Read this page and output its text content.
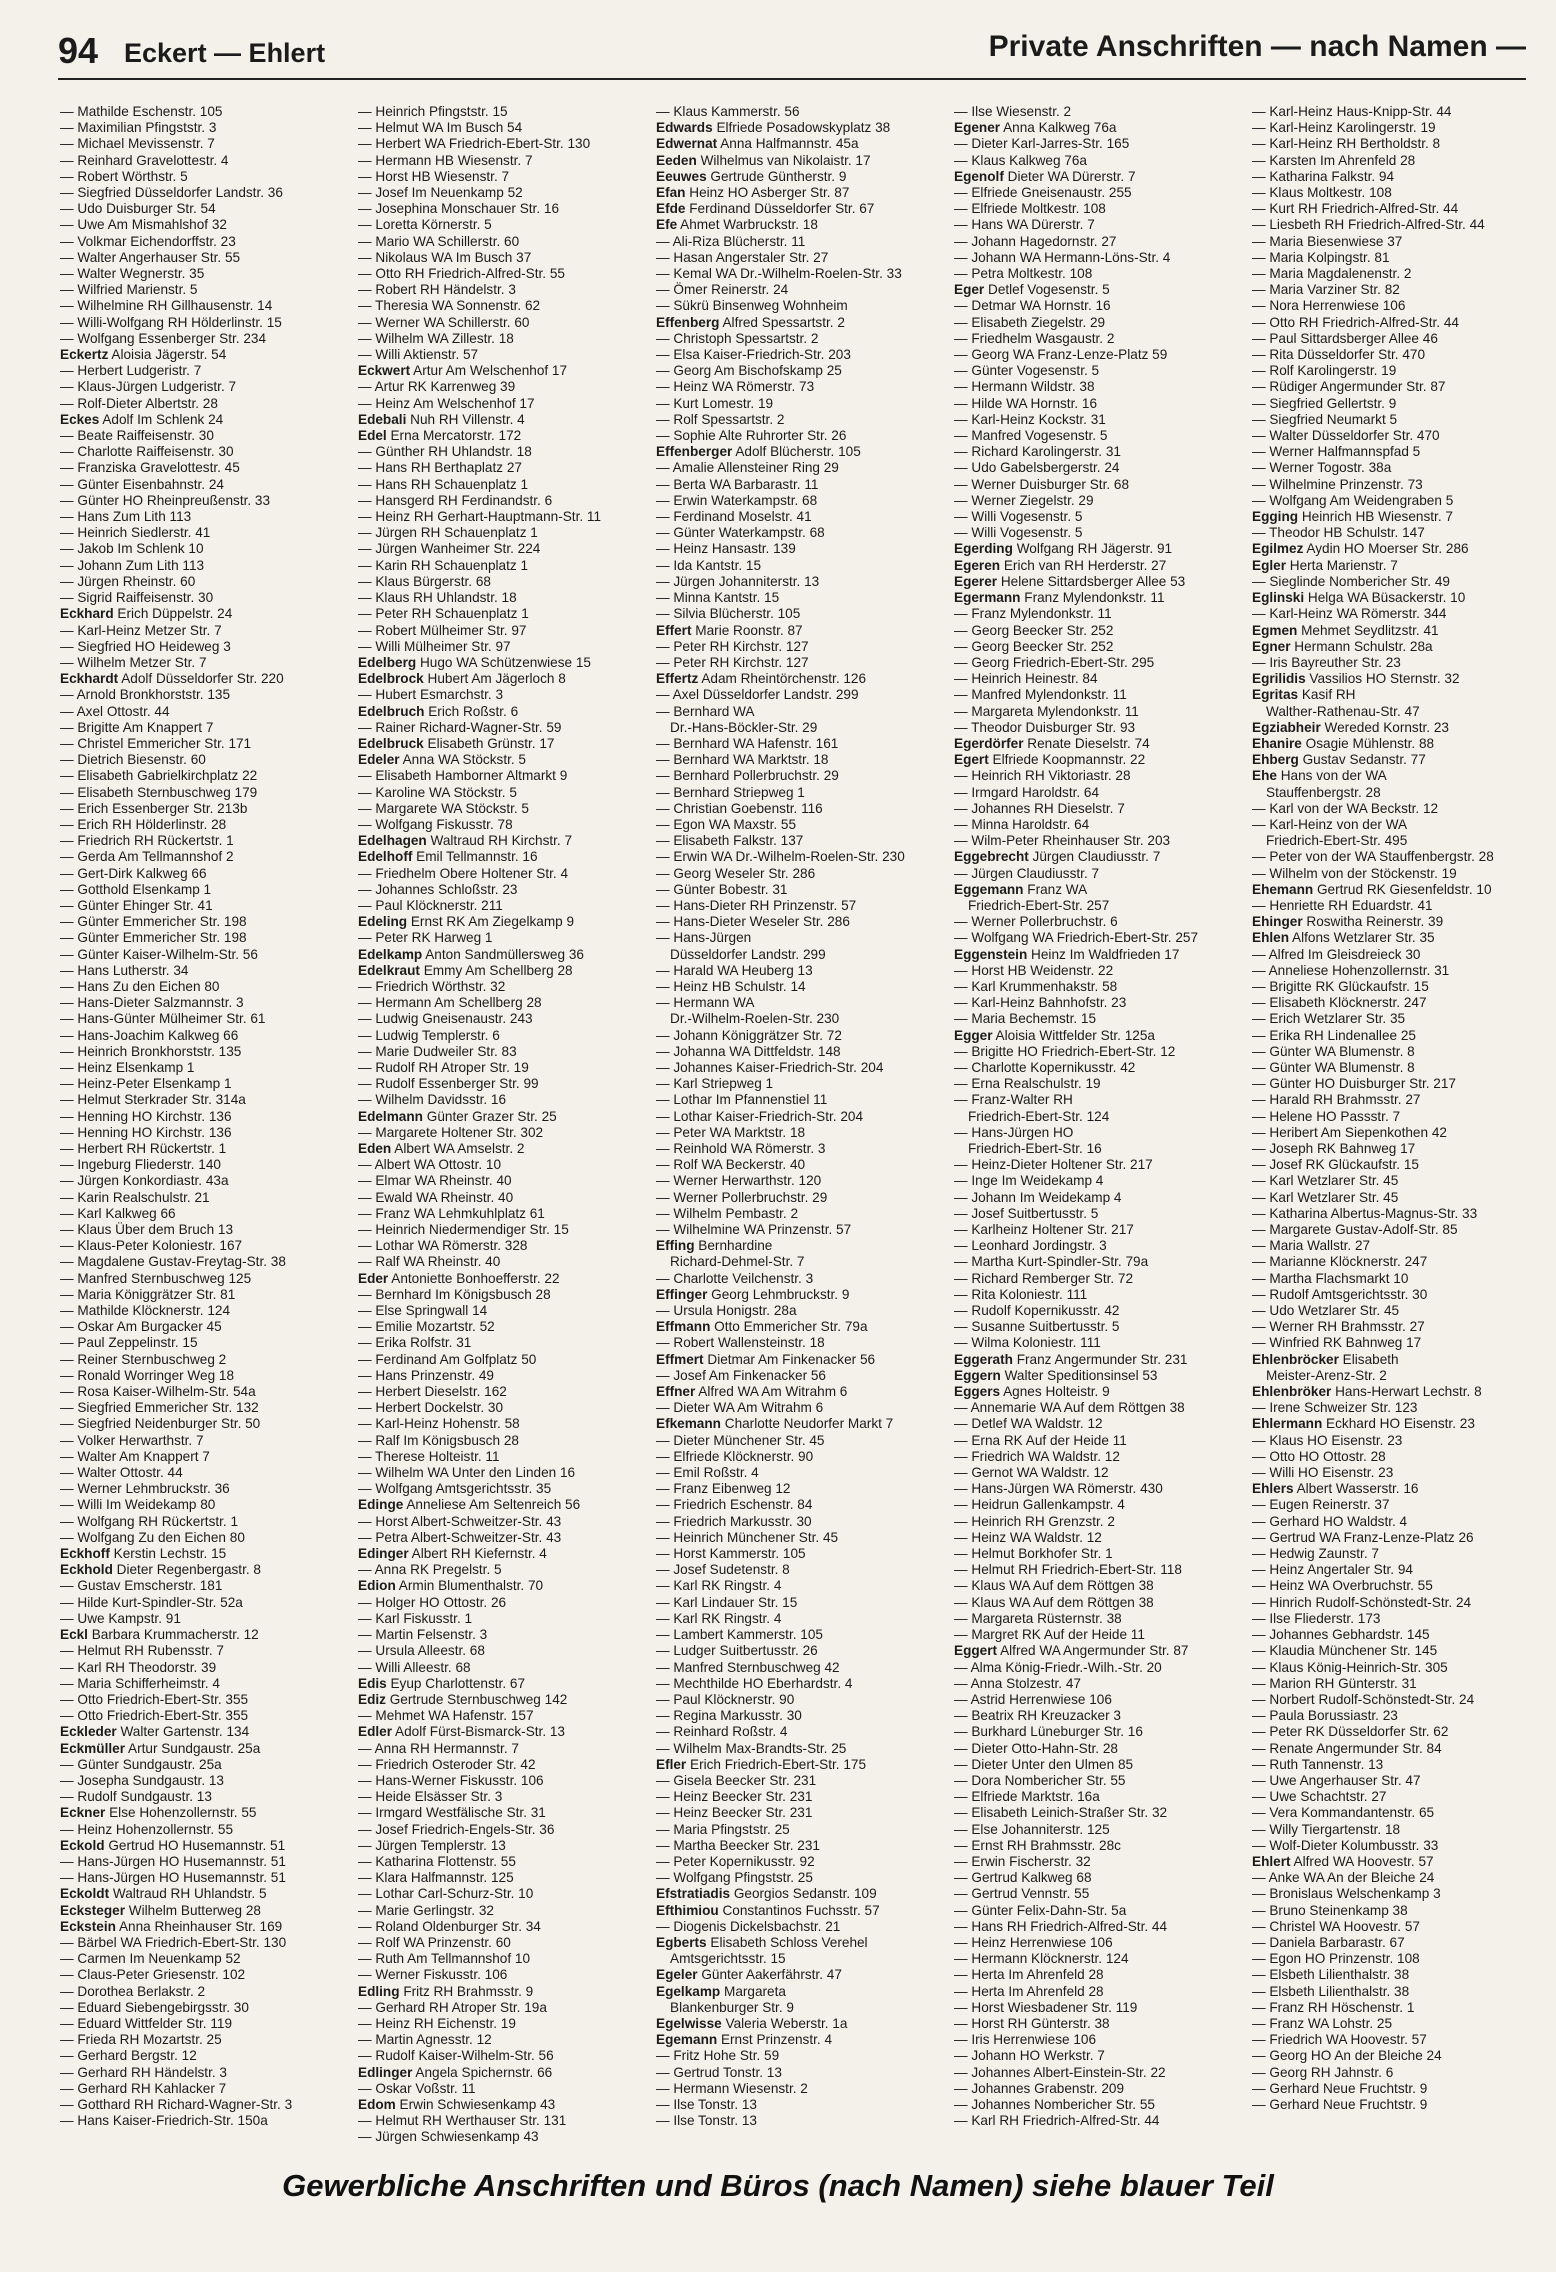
94 Eckert — Ehlert	Private Anschriften — nach Namen —
— Mathilde Eschenstr. 105
— Maximilian Pfingststr. 3
— Michael Mevissenstr. 7
— Reinhard Gravelottestr. 4
— Robert Wörthstr. 5
— Siegfried Düsseldorfer Landstr. 36
— Udo Duisburger Str. 54
— Uwe Am Mismahlshof 32
— Volkmar Eichendorffstr. 23
— Walter Angerhauser Str. 55
— Walter Wegnerstr. 35
— Wilfried Marienstr. 5
— Wilhelmine RH Gillhausenstr. 14
— Willi-Wolfgang RH Hölderlinstr. 15
— Wolfgang Essenberger Str. 234
Eckertz Aloisia Jägerstr. 54
— Herbert Ludgeristr. 7
— Klaus-Jürgen Ludgeristr. 7
— Rolf-Dieter Albertstr. 28
Eckes Adolf Im Schlenk 24
— Beate Raiffeisenstr. 30
— Charlotte Raiffeisenstr. 30
— Franziska Gravelottestr. 45
— Günter Eisenbahnstr. 24
— Günter HO Rheinpreußenstr. 33
— Hans Zum Lith 113
— Heinrich Siedlerstr. 41
— Jakob Im Schlenk 10
— Johann Zum Lith 113
— Jürgen Rheinstr. 60
— Sigrid Raiffeisenstr. 30
Eckhard Erich Düppelstr. 24
— Karl-Heinz Metzer Str. 7
— Siegfried HO Heideweg 3
— Wilhelm Metzer Str. 7
Eckhardt Adolf Düsseldorfer Str. 220
— Arnold Bronkhorststr. 135
— Axel Ottostr. 44
— Brigitte Am Knappert 7
— Christel Emmericher Str. 171
— Dietrich Biesenstr. 60
— Elisabeth Gabrielkirchplatz 22
— Elisabeth Sternbuschweg 179
— Erich Essenberger Str. 213b
— Erich RH Hölderlinstr. 28
— Friedrich RH Rückertstr. 1
— Gerda Am Tellmannshof 2
— Gert-Dirk Kalkweg 66
— Gotthold Elsenkamp 1
— Günter Ehinger Str. 41
— Günter Emmericher Str. 198
— Günter Emmericher Str. 198
— Günter Kaiser-Wilhelm-Str. 56
— Hans Lutherstr. 34
— Hans Zu den Eichen 80
— Hans-Dieter Salzmannstr. 3
— Hans-Günter Mülheimer Str. 61
— Hans-Joachim Kalkweg 66
— Heinrich Bronkhorststr. 135
— Heinz Elsenkamp 1
— Heinz-Peter Elsenkamp 1
— Helmut Sterkrader Str. 314a
— Henning HO Kirchstr. 136
— Henning HO Kirchstr. 136
— Herbert RH Rückertstr. 1
— Ingeburg Fliederstr. 140
— Jürgen Konkordiastr. 43a
— Karin Realschulstr. 21
— Karl Kalkweg 66
— Klaus Über dem Bruch 13
— Klaus-Peter Koloniestr. 167
— Magdalene Gustav-Freytag-Str. 38
— Manfred Sternbuschweg 125
— Maria Königgrätzer Str. 81
— Mathilde Klöcknerstr. 124
— Oskar Am Burgacker 45
— Paul Zeppelinstr. 15
— Reiner Sternbuschweg 2
— Ronald Worringer Weg 18
— Rosa Kaiser-Wilhelm-Str. 54a
— Siegfried Emmericher Str. 132
— Siegfried Neidenburger Str. 50
— Volker Herwarthstr. 7
— Walter Am Knappert 7
— Walter Ottostr. 44
— Werner Lehmbruckstr. 36
— Willi Im Weidekamp 80
— Wolfgang RH Rückertstr. 1
— Wolfgang Zu den Eichen 80
Eckhoff Kerstin Lechstr. 15
Eckhold Dieter Regenbergastr. 8
— Gustav Emscherstr. 181
— Hilde Kurt-Spindler-Str. 52a
— Uwe Kampstr. 91
Eckl Barbara Krummacherstr. 12
— Helmut RH Rubensstr. 7
— Karl RH Theodorstr. 39
— Maria Schifferheimstr. 4
— Otto Friedrich-Ebert-Str. 355
— Otto Friedrich-Ebert-Str. 355
Eckleder Walter Gartenstr. 134
Eckmüller Artur Sundgaustr. 25a
— Günter Sundgaustr. 25a
— Josepha Sundgaustr. 13
— Rudolf Sundgaustr. 13
Eckner Else Hohenzollernstr. 55
— Heinz Hohenzollernstr. 55
Eckold Gertrud HO Husemannstr. 51
— Hans-Jürgen HO Husemannstr. 51
— Hans-Jürgen HO Husemannstr. 51
Eckoldt Waltraud RH Uhlandstr. 5
Ecksteger Wilhelm Butterweg 28
Eckstein Anna Rheinhauser Str. 169
— Bärbel WA Friedrich-Ebert-Str. 130
— Carmen Im Neuenkamp 52
— Claus-Peter Griesenstr. 102
— Dorothea Berlakstr. 2
— Eduard Siebengebirgsstr. 30
— Eduard Wittfelder Str. 119
— Frieda RH Mozartstr. 25
— Gerhard Bergstr. 12
— Gerhard RH Händelstr. 3
— Gerhard RH Kahlacker 7
— Gotthard RH Richard-Wagner-Str. 3
— Hans Kaiser-Friedrich-Str. 150a
— Heinrich Pfingststr. 15
— Helmut WA Im Busch 54
— Herbert WA Friedrich-Ebert-Str. 130
— Hermann HB Wiesenstr. 7
— Horst HB Wiesenstr. 7
— Josef Im Neuenkamp 52
— Josephina Monschauer Str. 16
— Loretta Körnerstr. 5
— Mario WA Schillerstr. 60
— Nikolaus WA Im Busch 37
— Otto RH Friedrich-Alfred-Str. 55
— Robert RH Händelstr. 3
— Theresia WA Sonnenstr. 62
— Werner WA Schillerstr. 60
— Wilhelm WA Zillestr. 18
— Willi Aktienstr. 57
Eckwert Artur Am Welschenhof 17
— Artur RK Karrenweg 39
— Heinz Am Welschenhof 17
Edebali Nuh RH Villenstr. 4
Edel Erna Mercatorstr. 172
— Günther RH Uhlandstr. 18
— Hans RH Berthaplatz 27
— Hans RH Schauenplatz 1
— Hansgerd RH Ferdinandstr. 6
— Heinz RH Gerhart-Hauptmann-Str. 11
— Jürgen RH Schauenplatz 1
— Jürgen Wanheimer Str. 224
— Karin RH Schauenplatz 1
— Klaus Bürgerstr. 68
— Klaus RH Uhlandstr. 18
— Peter RH Schauenplatz 1
— Robert Mülheimer Str. 97
— Willi Mülheimer Str. 97
Edelberg Hugo WA Schützenwiese 15
Edelbrock Hubert Am Jägerloch 8
— Hubert Esmarchstr. 3
Edelbruch Erich Roßstr. 6
— Rainer Richard-Wagner-Str. 59
Edelbruck Elisabeth Grünstr. 17
Edeler Anna WA Stöckstr. 5
— Elisabeth Hamborner Altmarkt 9
— Karoline WA Stöckstr. 5
— Margarete WA Stöckstr. 5
— Wolfgang Fiskusstr. 78
Edelhagen Waltraud RH Kirchstr. 7
Edelhoff Emil Tellmannstr. 16
— Friedhelm Obere Holtener Str. 4
— Johannes Schloßstr. 23
— Paul Klöcknerstr. 211
Edeling Ernst RK Am Ziegelkamp 9
— Peter RK Harweg 1
Edelkamp Anton Sandmüllersweg 36
Edelkraut Emmy Am Schellberg 28
— Friedrich Wörthstr. 32
— Hermann Am Schellberg 28
— Ludwig Gneisenaustr. 243
— Ludwig Templerstr. 6
— Marie Dudweiler Str. 83
— Rudolf RH Atroper Str. 19
— Rudolf Essenberger Str. 99
— Wilhelm Davidsstr. 16
Edelmann Günter Grazer Str. 25
— Margarete Holtener Str. 302
Eden Albert WA Amselstr. 2
— Albert WA Ottostr. 10
— Elmar WA Rheinstr. 40
— Ewald WA Rheinstr. 40
— Franz WA Lehmkuhlplatz 61
— Heinrich Niedermendiger Str. 15
— Lothar WA Römerstr. 328
— Ralf WA Rheinstr. 40
Eder Antoniette Bonhoefferstr. 22
— Bernhard Im Königsbusch 28
— Else Springwall 14
— Emilie Mozartstr. 52
— Erika Rolfstr. 31
— Ferdinand Am Golfplatz 50
— Hans Prinzenstr. 49
— Herbert Dieselstr. 162
— Herbert Dockelstr. 30
— Karl-Heinz Hohenstr. 58
— Ralf Im Königsbusch 28
— Therese Holteistr. 11
— Wilhelm WA Unter den Linden 16
— Wolfgang Amtsgerichtsstr. 35
Edinge Anneliese Am Seltenreich 56
— Horst Albert-Schweitzer-Str. 43
— Petra Albert-Schweitzer-Str. 43
Edinger Albert RH Kiefernstr. 4
— Anna RK Pregelstr. 5
Edion Armin Blumenthalstr. 70
— Holger HO Ottostr. 26
— Karl Fiskusstr. 1
— Martin Felsenstr. 3
— Ursula Alleestr. 68
— Willi Alleestr. 68
Edis Eyup Charlottenstr. 67
Ediz Gertrude Sternbuschweg 142
— Mehmet WA Hafenstr. 157
Edler Adolf Fürst-Bismarck-Str. 13
— Anna RH Hermannstr. 7
— Friedrich Osteroder Str. 42
— Hans-Werner Fiskusstr. 106
— Heide Elsässer Str. 3
— Irmgard Westfälische Str. 31
— Josef Friedrich-Engels-Str. 36
— Jürgen Templerstr. 13
— Katharina Flottenstr. 55
— Klara Halfmannstr. 125
— Lothar Carl-Schurz-Str. 10
— Marie Gerlingstr. 32
— Roland Oldenburger Str. 34
— Rolf WA Prinzenstr. 60
— Ruth Am Tellmannshof 10
— Werner Fiskusstr. 106
Edling Fritz RH Brahmsstr. 9
— Gerhard RH Atroper Str. 19a
— Heinz RH Eichenstr. 19
— Martin Agnesstr. 12
— Rudolf Kaiser-Wilhelm-Str. 56
Edlinger Angela Spichernstr. 66
— Oskar Voßstr. 11
Edom Erwin Schwiesenkamp 43
— Helmut RH Werthauser Str. 131
— Jürgen Schwiesenkamp 43
— Klaus Kammerstr. 56
Edwards Elfriede Posadowskyplatz 38
Edwernat Anna Halfmannstr. 45a
Eeden Wilhelmus van Nikolaistr. 17
Eeuwes Gertrude Güntherstr. 9
Efan Heinz HO Asberger Str. 87
Efde Ferdinand Düsseldorfer Str. 67
Efe Ahmet Warbruckstr. 18
— Ali-Riza Blücherstr. 11
— Hasan Angerstaler Str. 27
— Kemal WA Dr.-Wilhelm-Roelen-Str. 33
— Ömer Reinerstr. 24
— Sükrü Binsenweg Wohnheim
Effenberg Alfred Spessartstr. 2
— Christoph Spessartstr. 2
— Elsa Kaiser-Friedrich-Str. 203
— Georg Am Bischofskamp 25
— Heinz WA Römerstr. 73
— Kurt Lomestr. 19
— Rolf Spessartstr. 2
— Sophie Alte Ruhrorter Str. 26
Effenberger Adolf Blücherstr. 105
— Amalie Allensteiner Ring 29
— Berta WA Barbarastr. 11
— Erwin Waterkampstr. 68
— Ferdinand Moselstr. 41
— Günter Waterkampstr. 68
— Heinz Hansastr. 139
— Ida Kantstr. 15
— Jürgen Johanniterstr. 13
— Minna Kantstr. 15
— Silvia Blücherstr. 105
Effert Marie Roonstr. 87
— Peter RH Kirchstr. 127
— Peter RH Kirchstr. 127
Effertz Adam Rheintörchenstr. 126
— Axel Düsseldorfer Landstr. 299
— Bernhard WA
Dr.-Hans-Böckler-Str. 29
— Bernhard WA Hafenstr. 161
— Bernhard WA Marktstr. 18
— Bernhard Pollerbruchstr. 29
— Bernhard Striepweg 1
— Christian Goebenstr. 116
— Egon WA Maxstr. 55
— Elisabeth Falkstr. 137
— Erwin WA Dr.-Wilhelm-Roelen-Str. 230
— Georg Weseler Str. 286
— Günter Bobestr. 31
— Hans-Dieter RH Prinzenstr. 57
— Hans-Dieter Weseler Str. 286
— Hans-Jürgen
Düsseldorfer Landstr. 299
— Harald WA Heuberg 13
— Heinz HB Schulstr. 14
— Hermann WA
Dr.-Wilhelm-Roelen-Str. 230
— Johann Königgrätzer Str. 72
— Johanna WA Dittfeldstr. 148
— Johannes Kaiser-Friedrich-Str. 204
— Karl Striepweg 1
— Lothar Im Pfannenstiel 11
— Lothar Kaiser-Friedrich-Str. 204
— Peter WA Marktstr. 18
— Reinhold WA Römerstr. 3
— Rolf WA Beckerstr. 40
— Werner Herwarthstr. 120
— Werner Pollerbruchstr. 29
— Wilhelm Pembastr. 2
— Wilhelmine WA Prinzenstr. 57
Effing Bernhardine
Richard-Dehmel-Str. 7
— Charlotte Veilchenstr. 3
Effinger Georg Lehmbruckstr. 9
— Ursula Honigstr. 28a
Effmann Otto Emmericher Str. 79a
— Robert Wallensteinstr. 18
Effmert Dietmar Am Finkenacker 56
— Josef Am Finkenacker 56
Effner Alfred WA Am Witrahm 6
— Dieter WA Am Witrahm 6
Efkemann Charlotte Neudorfer Markt 7
— Dieter Münchener Str. 45
— Elfriede Klöcknerstr. 90
— Emil Roßstr. 4
— Franz Eibenweg 12
— Friedrich Eschenstr. 84
— Friedrich Markusstr. 30
— Heinrich Münchener Str. 45
— Horst Kammerstr. 105
— Josef Sudetenstr. 8
— Karl RK Ringstr. 4
— Karl Lindauer Str. 15
— Karl RK Ringstr. 4
— Lambert Kammerstr. 105
— Ludger Suitbertusstr. 26
— Manfred Sternbuschweg 42
— Mechthilde HO Eberhardstr. 4
— Paul Klöcknerstr. 90
— Regina Markusstr. 30
— Reinhard Roßstr. 4
— Wilhelm Max-Brandts-Str. 25
Efler Erich Friedrich-Ebert-Str. 175
— Gisela Beecker Str. 231
— Heinz Beecker Str. 231
— Heinz Beecker Str. 231
— Maria Pfingststr. 25
— Martha Beecker Str. 231
— Peter Kopernikusstr. 92
— Wolfgang Pfingststr. 25
Efstratiadis Georgios Sedanstr. 109
Efthimiou Constantinos Fuchsstr. 57
— Diogenis Dickelsbachstr. 21
Egberts Elisabeth Schloss Verehel
Amtsgerichtsstr. 15
Egeler Günter Aakerfährstr. 47
Egelkamp Margareta
Blankenburger Str. 9
Egelwisse Valeria Weberstr. 1a
Egemann Ernst Prinzenstr. 4
— Fritz Hohe Str. 59
— Gertrud Tonstr. 13
— Hermann Wiesenstr. 2
— Ilse Tonstr. 13
— Ilse Tonstr. 13
— Ilse Wiesenstr. 2
Egener Anna Kalkweg 76a
— Dieter Karl-Jarres-Str. 165
— Klaus Kalkweg 76a
Egenolf Dieter WA Dürerstr. 7
— Elfriede Gneisenaustr. 255
— Elfriede Moltkestr. 108
— Hans WA Dürerstr. 7
— Johann Hagedornstr. 27
— Johann WA Hermann-Löns-Str. 4
— Petra Moltkestr. 108
Eger Detlef Vogesenstr. 5
— Detmar WA Hornstr. 16
— Elisabeth Ziegelstr. 29
— Friedhelm Wasgaustr. 2
— Georg WA Franz-Lenze-Platz 59
— Günter Vogesenstr. 5
— Hermann Wildstr. 38
— Hilde WA Hornstr. 16
— Karl-Heinz Kockstr. 31
— Manfred Vogesenstr. 5
— Richard Karolingerstr. 31
— Udo Gabelsbergerstr. 24
— Werner Duisburger Str. 68
— Werner Ziegelstr. 29
— Willi Vogesenstr. 5
— Willi Vogesenstr. 5
Egerding Wolfgang RH Jägerstr. 91
Egeren Erich van RH Herderstr. 27
Egerer Helene Sittardsberger Allee 53
Egermann Franz Mylendonkstr. 11
— Franz Mylendonkstr. 11
— Georg Beecker Str. 252
— Georg Beecker Str. 252
— Georg Friedrich-Ebert-Str. 295
— Heinrich Heinestr. 84
— Manfred Mylendonkstr. 11
— Margareta Mylendonkstr. 11
— Theodor Duisburger Str. 93
Egerdörfer Renate Dieselstr. 74
Egert Elfriede Koopmannstr. 22
— Heinrich RH Viktoriastr. 28
— Irmgard Haroldstr. 64
— Johannes RH Dieselstr. 7
— Minna Haroldstr. 64
— Wilm-Peter Rheinhauser Str. 203
Eggebrecht Jürgen Claudiusstr. 7
— Jürgen Claudiusstr. 7
Eggemann Franz WA
Friedrich-Ebert-Str. 257
— Werner Pollerbruchstr. 6
— Wolfgang WA Friedrich-Ebert-Str. 257
Eggenstein Heinz Im Waldfrieden 17
— Horst HB Weidenstr. 22
— Karl Krummenhakstr. 58
— Karl-Heinz Bahnhofstr. 23
— Maria Bechemstr. 15
Egger Aloisia Wittfelder Str. 125a
— Brigitte HO Friedrich-Ebert-Str. 12
— Charlotte Kopernikusstr. 42
— Erna Realschulstr. 19
— Franz-Walter RH
Friedrich-Ebert-Str. 124
— Hans-Jürgen HO
Friedrich-Ebert-Str. 16
— Heinz-Dieter Holtener Str. 217
— Inge Im Weidekamp 4
— Johann Im Weidekamp 4
— Josef Suitbertusstr. 5
— Karlheinz Holtener Str. 217
— Leonhard Jordingstr. 3
— Martha Kurt-Spindler-Str. 79a
— Richard Remberger Str. 72
— Rita Koloniestr. 111
— Rudolf Kopernikusstr. 42
— Susanne Suitbertusstr. 5
— Wilma Koloniestr. 111
Eggerath Franz Angermunder Str. 231
Eggern Walter Speditionsinsel 53
Eggers Agnes Holteistr. 9
— Annemarie WA Auf dem Röttgen 38
— Detlef WA Waldstr. 12
— Erna RK Auf der Heide 11
— Friedrich WA Waldstr. 12
— Gernot WA Waldstr. 12
— Hans-Jürgen WA Römerstr. 430
— Heidrun Gallenkampstr. 4
— Heinrich RH Grenzstr. 2
— Heinz WA Waldstr. 12
— Helmut Borkhofer Str. 1
— Helmut RH Friedrich-Ebert-Str. 118
— Klaus WA Auf dem Röttgen 38
— Klaus WA Auf dem Röttgen 38
— Margareta Rüsternstr. 38
— Margret RK Auf der Heide 11
Eggert Alfred WA Angermunder Str. 87
— Alma König-Friedr.-Wilh.-Str. 20
— Anna Stolzestr. 47
— Astrid Herrenwiese 106
— Beatrix RH Kreuzacker 3
— Burkhard Lüneburger Str. 16
— Dieter Otto-Hahn-Str. 28
— Dieter Unter den Ulmen 85
— Dora Nombericher Str. 55
— Elfriede Marktstr. 16a
— Elisabeth Leinich-Straßer Str. 32
— Else Johanniterstr. 125
— Ernst RH Brahmsstr. 28c
— Erwin Fischerstr. 32
— Gertrud Kalkweg 68
— Gertrud Vennstr. 55
— Günter Felix-Dahn-Str. 5a
— Hans RH Friedrich-Alfred-Str. 44
— Heinz Herrenwiese 106
— Hermann Klöcknerstr. 124
— Herta Im Ahrenfeld 28
— Herta Im Ahrenfeld 28
— Horst Wiesbadener Str. 119
— Horst RH Günterstr. 38
— Iris Herrenwiese 106
— Johann HO Werkstr. 7
— Johannes Albert-Einstein-Str. 22
— Johannes Grabenstr. 209
— Johannes Nombericher Str. 55
— Karl RH Friedrich-Alfred-Str. 44
— Karl-Heinz Haus-Knipp-Str. 44
— Karl-Heinz Karolingerstr. 19
— Karl-Heinz RH Bertholdstr. 8
— Karsten Im Ahrenfeld 28
— Katharina Falkstr. 94
— Klaus Moltkestr. 108
— Kurt RH Friedrich-Alfred-Str. 44
— Liesbeth RH Friedrich-Alfred-Str. 44
— Maria Biesenwiese 37
— Maria Kolpingstr. 81
— Maria Magdalenenstr. 2
— Maria Varziner Str. 82
— Nora Herrenwiese 106
— Otto RH Friedrich-Alfred-Str. 44
— Paul Sittardsberger Allee 46
— Rita Düsseldorfer Str. 470
— Rolf Karolingerstr. 19
— Rüdiger Angermunder Str. 87
— Siegfried Gellertstr. 9
— Siegfried Neumarkt 5
— Walter Düsseldorfer Str. 470
— Werner Halfmannspfad 5
— Werner Togostr. 38a
— Wilhelmine Prinzenstr. 73
— Wolfgang Am Weidengraben 5
Egging Heinrich HB Wiesenstr. 7
— Theodor HB Schulstr. 147
Egilmez Aydin HO Moerser Str. 286
Egler Herta Marienstr. 7
— Sieglinde Nombericher Str. 49
Eglinski Helga WA Büsackerstr. 10
— Karl-Heinz WA Römerstr. 344
Egmen Mehmet Seydlitzstr. 41
Egner Hermann Schulstr. 28a
— Iris Bayreuther Str. 23
Egrilidis Vassilios HO Sternstr. 32
Egritas Kasif RH
Walther-Rathenau-Str. 47
Egziabheir Wereded Kornstr. 23
Ehanire Osagie Mühlenstr. 88
Ehberg Gustav Sedanstr. 77
Ehe Hans von der WA
Stauffenbergstr. 28
— Karl von der WA Beckstr. 12
— Karl-Heinz von der WA
Friedrich-Ebert-Str. 495
— Peter von der WA Stauffenbergstr. 28
— Wilhelm von der Stöckenstr. 19
Ehemann Gertrud RK Giesenfeldstr. 10
— Henriette RH Eduardstr. 41
Ehinger Roswitha Reinerstr. 39
Ehlen Alfons Wetzlarer Str. 35
— Alfred Im Gleisdreieck 30
— Anneliese Hohenzollernstr. 31
— Brigitte RK Glückaufstr. 15
— Elisabeth Klöcknerstr. 247
— Erich Wetzlarer Str. 35
— Erika RH Lindenallee 25
— Günter WA Blumenstr. 8
— Günter WA Blumenstr. 8
— Günter HO Duisburger Str. 217
— Harald RH Brahmsstr. 27
— Helene HO Passstr. 7
— Heribert Am Siepenkothen 42
— Joseph RK Bahnweg 17
— Josef RK Glückaufstr. 15
— Karl Wetzlarer Str. 45
— Karl Wetzlarer Str. 45
— Katharina Albertus-Magnus-Str. 33
— Margarete Gustav-Adolf-Str. 85
— Maria Wallstr. 27
— Marianne Klöcknerstr. 247
— Martha Flachsmarkt 10
— Rudolf Amtsgerichtsstr. 30
— Udo Wetzlarer Str. 45
— Werner RH Brahmsstr. 27
— Winfried RK Bahnweg 17
Ehlenbröcker Elisabeth
Meister-Arenz-Str. 2
Ehlenbröker Hans-Herwart Lechstr. 8
— Irene Schweizer Str. 123
Ehlermann Eckhard HO Eisenstr. 23
— Klaus HO Eisenstr. 23
— Otto HO Ottostr. 28
— Willi HO Eisenstr. 23
Ehlers Albert Wasserstr. 16
— Eugen Reinerstr. 37
— Gerhard HO Waldstr. 4
— Gertrud WA Franz-Lenze-Platz 26
— Hedwig Zaunstr. 7
— Heinz Angertaler Str. 94
— Heinz WA Overbruchstr. 55
— Hinrich Rudolf-Schönstedt-Str. 24
— Ilse Fliederstr. 173
— Johannes Gebhardstr. 145
— Klaudia Münchener Str. 145
— Klaus König-Heinrich-Str. 305
— Marion RH Günterstr. 31
— Norbert Rudolf-Schönstedt-Str. 24
— Paula Borussiastr. 23
— Peter RK Düsseldorfer Str. 62
— Renate Angermunder Str. 84
— Ruth Tannenstr. 13
— Uwe Angerhauser Str. 47
— Uwe Schachtstr. 27
— Vera Kommandantenstr. 65
— Willy Tiergartenstr. 18
— Wolf-Dieter Kolumbusstr. 33
Ehlert Alfred WA Hoovestr. 57
— Anke WA An der Bleiche 24
— Bronislaus Welschenkamp 3
— Bruno Steinenkamp 38
— Christel WA Hoovestr. 57
— Daniela Barbarastr. 67
— Egon HO Prinzenstr. 108
— Elsbeth Lilienthalstr. 38
— Elsbeth Lilienthalstr. 38
— Franz RH Höschenstr. 1
— Franz WA Lohstr. 25
— Friedrich WA Hoovestr. 57
— Georg HO An der Bleiche 24
— Georg RH Jahnstr. 6
— Gerhard Neue Fruchtstr. 9
— Gerhard Neue Fruchtstr. 9
Gewerbliche Anschriften und Büros (nach Namen) siehe blauer Teil
